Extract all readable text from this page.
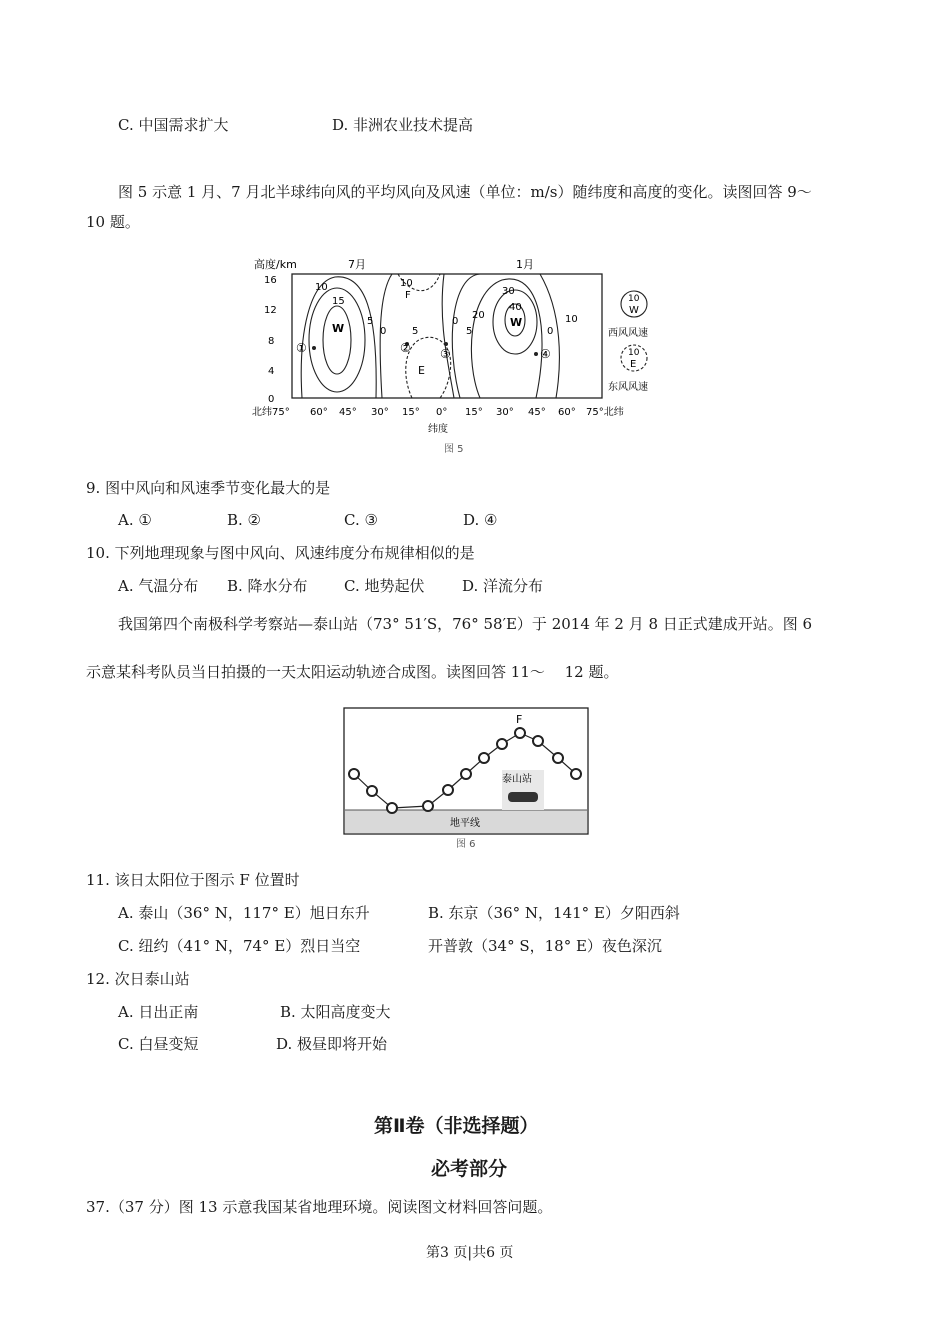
C. 中国需求扩大	D. 非洲农业技术提高
图 5 示意 1 月、7 月北半球纬向风的平均风向及风速（单位：m/s）随纬度和高度的变化。读图回答 9～
10 题。
高度/km	7月	1月
16
12
8
4
0
北纬75° 60° 45° 30° 15° 0° 15° 30° 45° 60° 75°北纬
纬度
图 5
W	W
E
10
15
5
0
10
F
5
0
5
20
30
40
10
0
①	② ③	④
10
W
西风风速
10
E
东风风速
9. 图中风向和风速季节变化最大的是
A. ①	B. ②	C. ③	D. ④
10. 下列地理现象与图中风向、风速纬度分布规律相似的是
A. 气温分布 B. 降水分布 C. 地势起伏	D. 洋流分布
我国第四个南极科学考察站—泰山站（73° 51′S，76° 58′E）于 2014 年 2 月 8 日正式建成开站。图 6
示意某科考队员当日拍摄的一天太阳运动轨迹合成图。读图回答 11～　 12 题。
F
泰山站
地平线
图 6
11. 该日太阳位于图示 F 位置时
A. 泰山（36° N，117° E）旭日东升	B. 东京（36° N，141° E）夕阳西斜
C. 纽约（41° N，74° E）烈日当空	开普敦（34° S，18° E）夜色深沉
12. 次日泰山站
A. 日出正南	B. 太阳高度变大
C. 白昼变短	D. 极昼即将开始
第Ⅱ卷（非选择题）
必考部分
37.（37 分）图 13 示意我国某省地理环境。阅读图文材料回答问题。
第3 页|共6 页
